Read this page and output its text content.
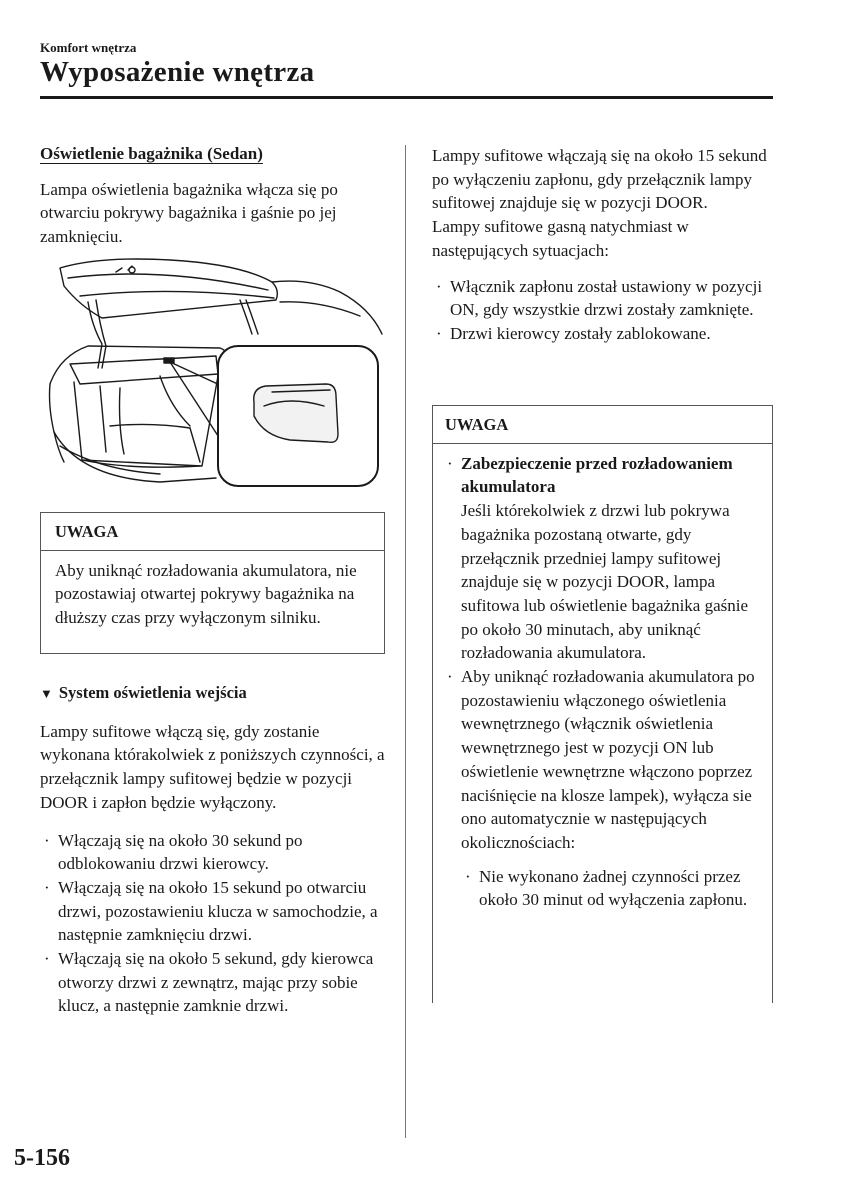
Komfort wnętrza
Wyposażenie wnętrza
Oświetlenie bagażnika (Sedan)
Lampa oświetlenia bagażnika włącza się po otwarciu pokrywy bagażnika i gaśnie po jej zamknięciu.
UWAGA
Aby uniknąć rozładowania akumulatora, nie pozostawiaj otwartej pokrywy bagażnika na dłuższy czas przy wyłączonym silniku.
▼ System oświetlenia wejścia
Lampy sufitowe włączą się, gdy zostanie wykonana którakolwiek z poniższych czynności, a przełącznik lampy sufitowej będzie w pozycji DOOR i zapłon będzie wyłączony.
· Włączają się na około 30 sekund po odblokowaniu drzwi kierowcy.
· Włączają się na około 15 sekund po otwarciu drzwi, pozostawieniu klucza w samochodzie, a następnie zamknięciu drzwi.
· Włączają się na około 5 sekund, gdy kierowca otworzy drzwi z zewnątrz, mając przy sobie klucz, a następnie zamknie drzwi.
Lampy sufitowe włączają się na około 15 sekund po wyłączeniu zapłonu, gdy przełącznik lampy sufitowej znajduje się w pozycji DOOR.
Lampy sufitowe gasną natychmiast w następujących sytuacjach:
· Włącznik zapłonu został ustawiony w pozycji ON, gdy wszystkie drzwi zostały zamknięte.
· Drzwi kierowcy zostały zablokowane.
UWAGA
· Zabezpieczenie przed rozładowaniem akumulatora
Jeśli którekolwiek z drzwi lub pokrywa bagażnika pozostaną otwarte, gdy przełącznik przedniej lampy sufitowej znajduje się w pozycji DOOR, lampa sufitowa lub oświetlenie bagażnika gaśnie po około 30 minutach, aby uniknąć rozładowania akumulatora.
· Aby uniknąć rozładowania akumulatora po pozostawieniu włączonego oświetlenia wewnętrznego (włącznik oświetlenia wewnętrznego jest w pozycji ON lub oświetlenie wewnętrzne włączono poprzez naciśnięcie na klosze lampek), wyłącza sie ono automatycznie w następujących okolicznościach:
· Nie wykonano żadnej czynności przez około 30 minut od wyłączenia zapłonu.
5-156
